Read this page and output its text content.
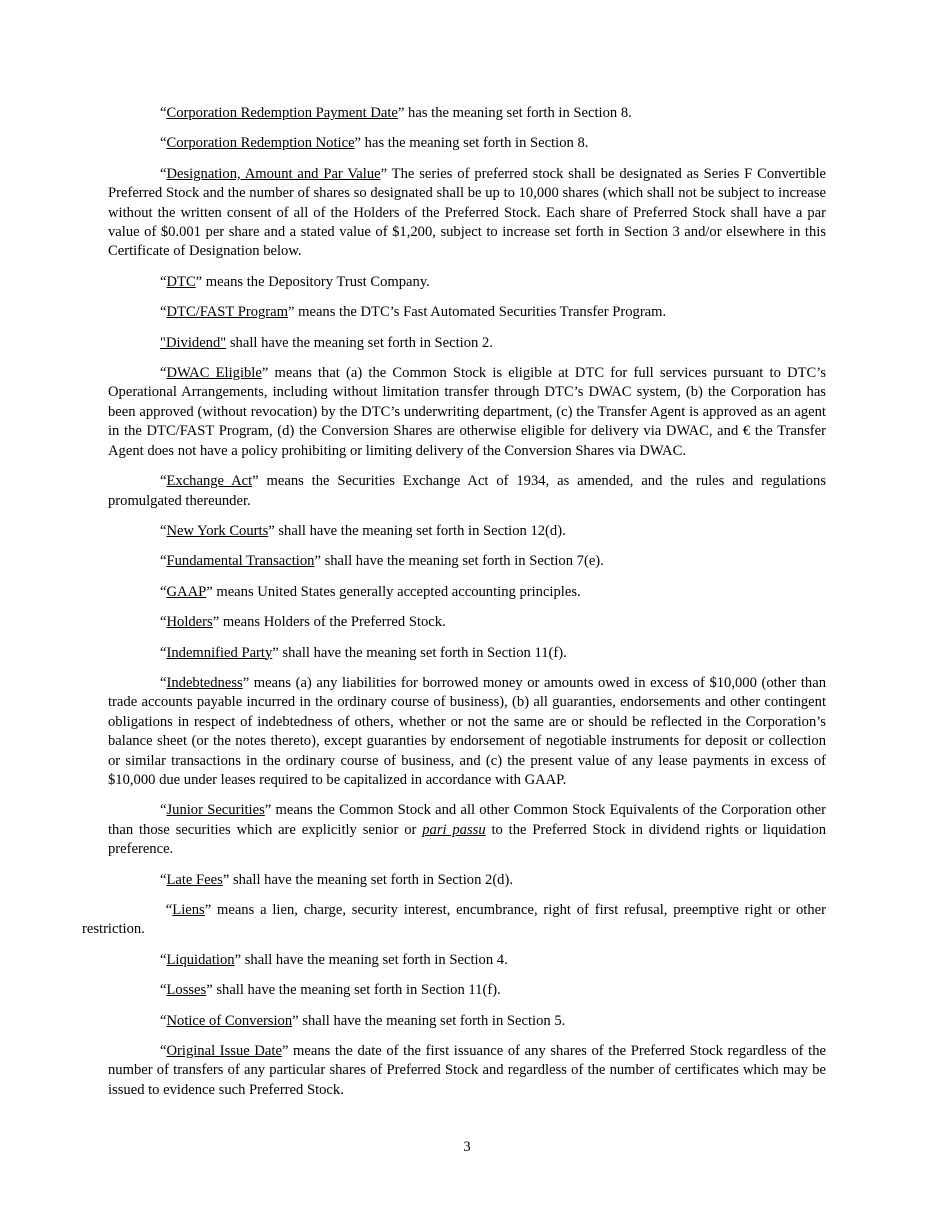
“Corporation Redemption Payment Date” has the meaning set forth in Section 8.

“Corporation Redemption Notice” has the meaning set forth in Section 8.

“Designation, Amount and Par Value” The series of preferred stock shall be designated as Series F Convertible Preferred Stock and the number of shares so designated shall be up to 10,000 shares (which shall not be subject to increase without the written consent of all of the Holders of the Preferred Stock. Each share of Preferred Stock shall have a par value of $0.001 per share and a stated value of $1,200, subject to increase set forth in Section 3 and/or elsewhere in this Certificate of Designation below.

“DTC” means the Depository Trust Company.

“DTC/FAST Program” means the DTC’s Fast Automated Securities Transfer Program.

"Dividend" shall have the meaning set forth in Section 2.

“DWAC Eligible” means that (a) the Common Stock is eligible at DTC for full services pursuant to DTC’s Operational Arrangements, including without limitation transfer through DTC’s DWAC system, (b) the Corporation has been approved (without revocation) by the DTC’s underwriting department, (c) the Transfer Agent is approved as an agent in the DTC/FAST Program, (d) the Conversion Shares are otherwise eligible for delivery via DWAC, and € the Transfer Agent does not have a policy prohibiting or limiting delivery of the Conversion Shares via DWAC.

“Exchange Act” means the Securities Exchange Act of 1934, as amended, and the rules and regulations promulgated thereunder.

“New York Courts” shall have the meaning set forth in Section 12(d).

“Fundamental Transaction” shall have the meaning set forth in Section 7(e).

“GAAP” means United States generally accepted accounting principles.

“Holders” means Holders of the Preferred Stock.

“Indemnified Party” shall have the meaning set forth in Section 11(f).

“Indebtedness” means (a) any liabilities for borrowed money or amounts owed in excess of $10,000 (other than trade accounts payable incurred in the ordinary course of business), (b) all guaranties, endorsements and other contingent obligations in respect of indebtedness of others, whether or not the same are or should be reflected in the Corporation’s balance sheet (or the notes thereto), except guaranties by endorsement of negotiable instruments for deposit or collection or similar transactions in the ordinary course of business, and (c) the present value of any lease payments in excess of $10,000 due under leases required to be capitalized in accordance with GAAP.

“Junior Securities” means the Common Stock and all other Common Stock Equivalents of the Corporation other than those securities which are explicitly senior or pari passu to the Preferred Stock in dividend rights or liquidation preference.

“Late Fees” shall have the meaning set forth in Section 2(d).

“Liens” means a lien, charge, security interest, encumbrance, right of first refusal, preemptive right or other restriction.

“Liquidation” shall have the meaning set forth in Section 4.

“Losses” shall have the meaning set forth in Section 11(f).

“Notice of Conversion” shall have the meaning set forth in Section 5.

“Original Issue Date” means the date of the first issuance of any shares of the Preferred Stock regardless of the number of transfers of any particular shares of Preferred Stock and regardless of the number of certificates which may be issued to evidence such Preferred Stock.

3
